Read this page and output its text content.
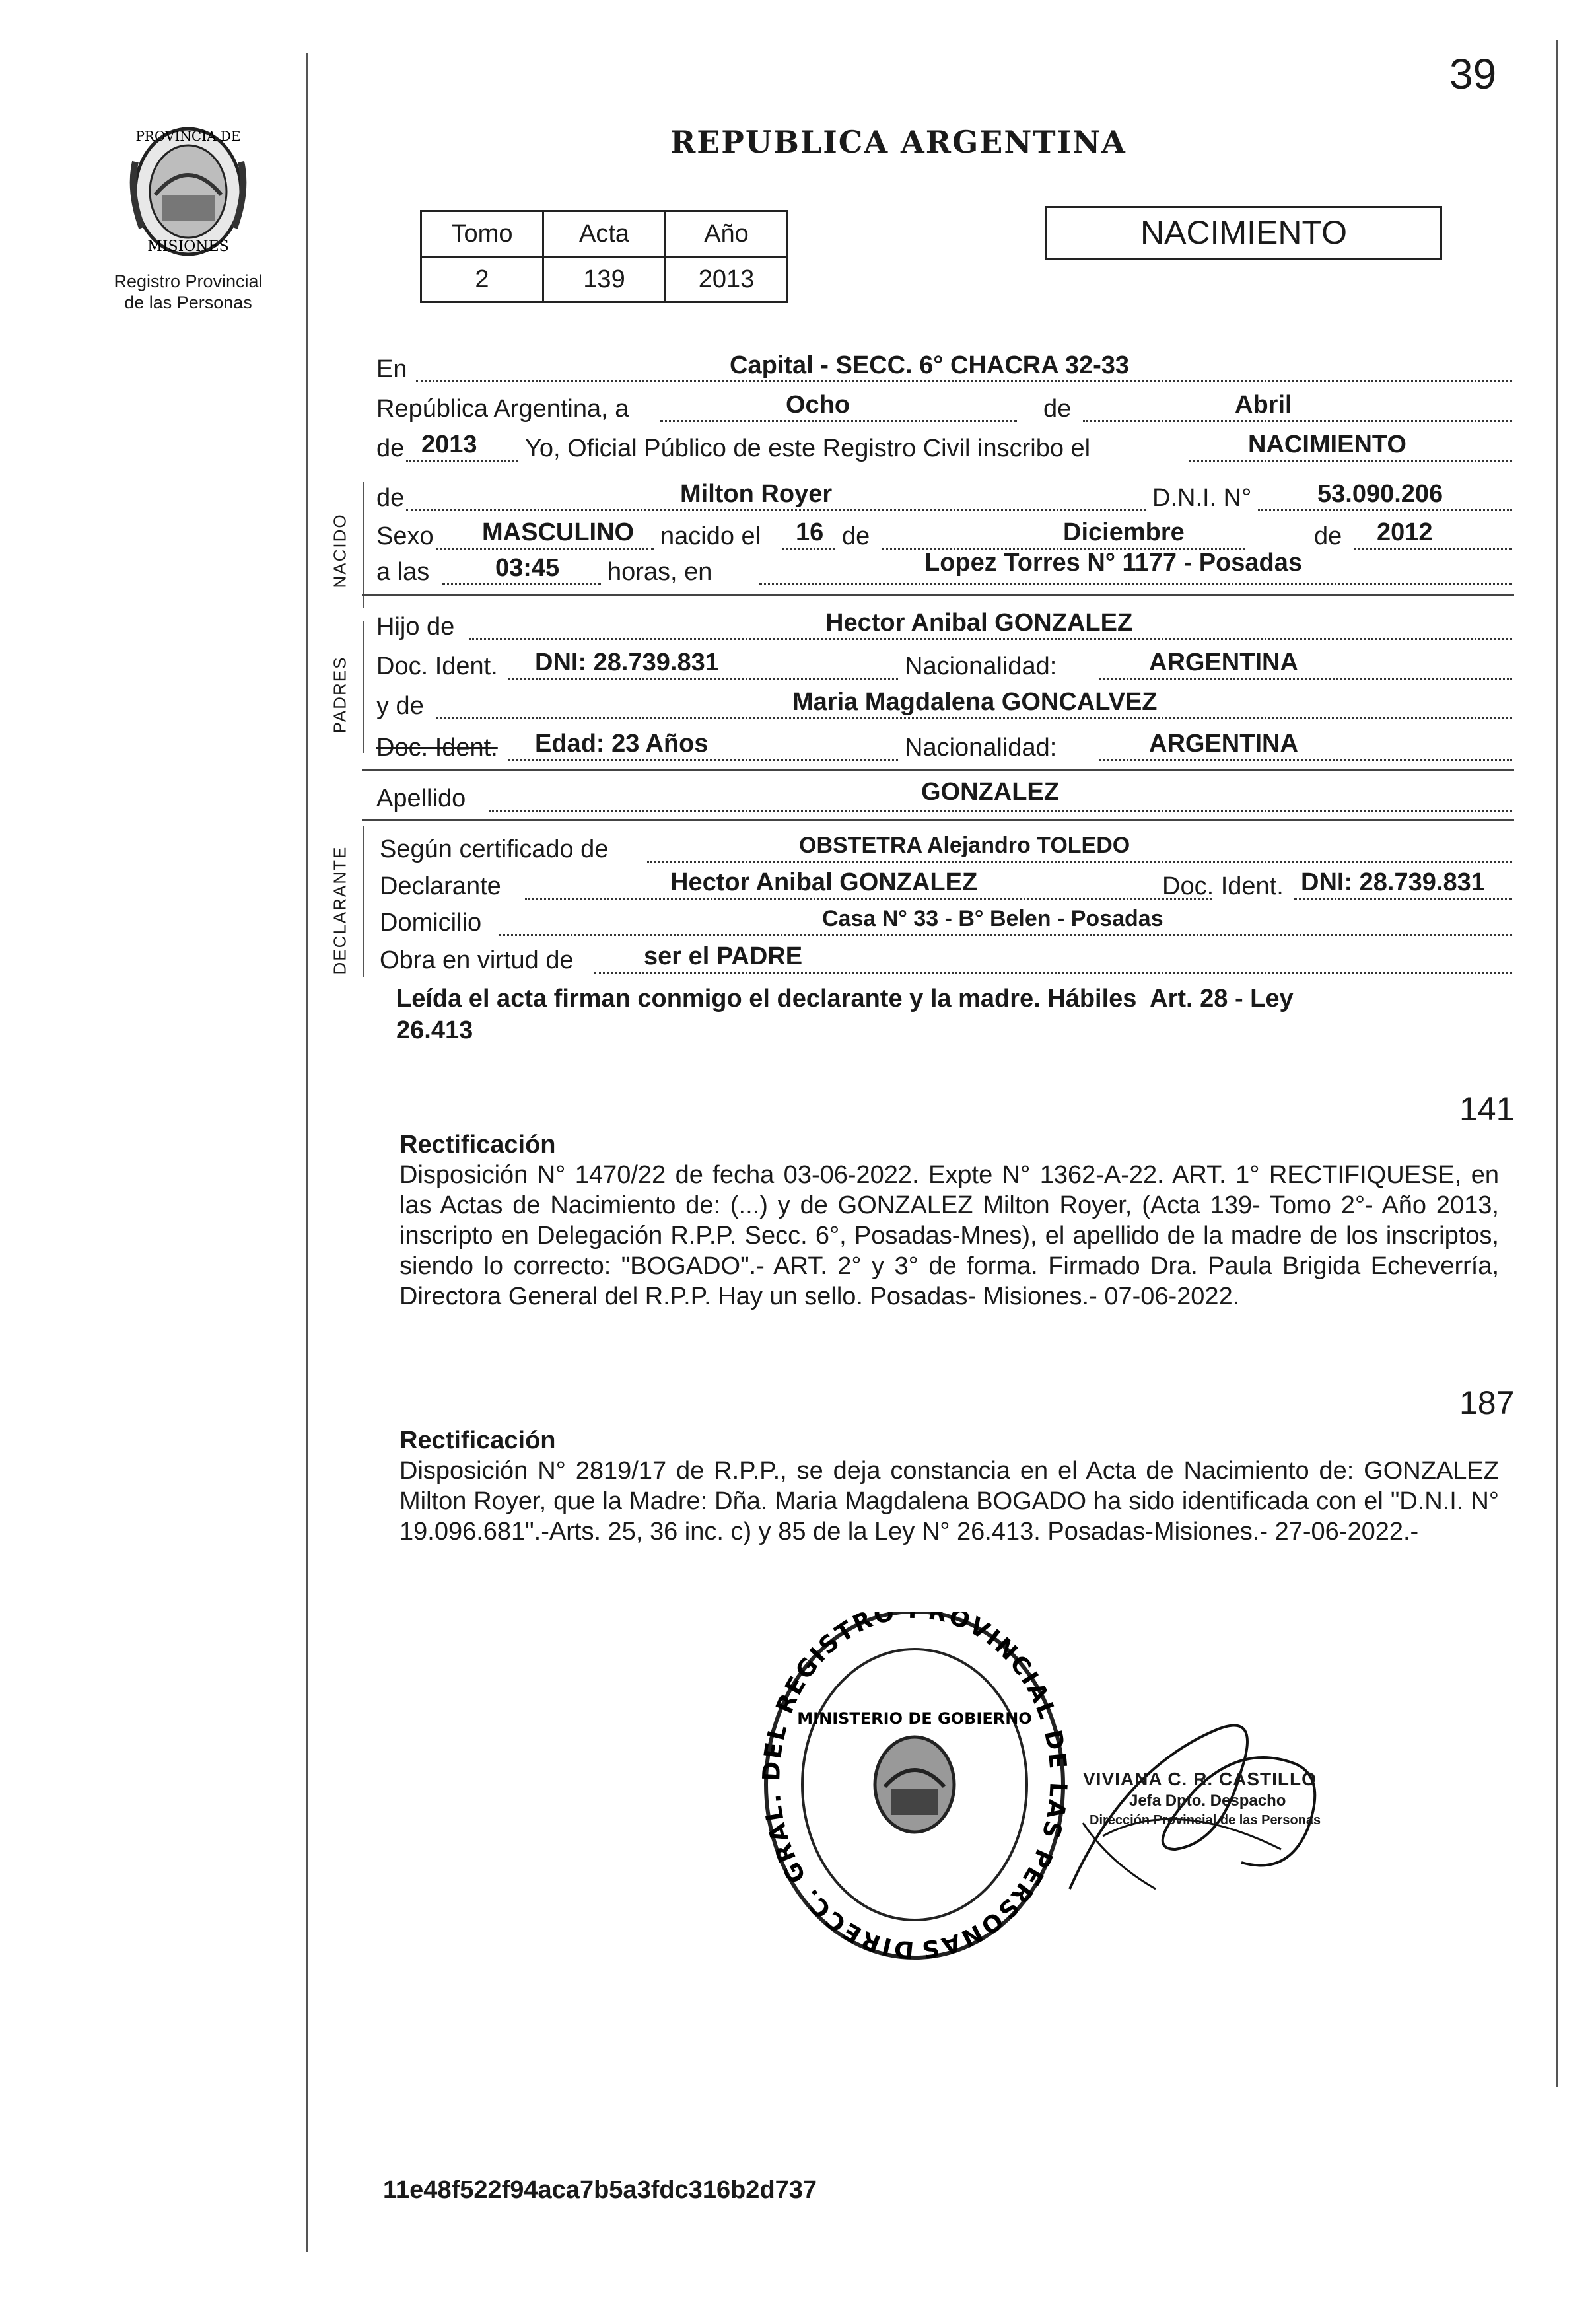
39
PROVINCIA DE
MISIONES
Registro Provincial
de las Personas
REPUBLICA ARGENTINA
Tomo	Acta	Año
2	139	2013
NACIMIENTO
NACIDO
PADRES
DECLARANTE
En	Capital - SECC. 6° CHACRA 32-33
República Argentina, a	Ocho	de	Abril
de 2013 Yo, Oficial Público de este Registro Civil inscribo el	NACIMIENTO
de	Milton Royer	D.N.I. N°	53.090.206
Sexo MASCULINO nacido el 16 de	Diciembre	de 2012
a las	03:45 horas, en	Lopez Torres N° 1177 - Posadas
Hijo de	Hector Anibal GONZALEZ
Doc. Ident. DNI: 28.739.831	Nacionalidad:	ARGENTINA
y de	Maria Magdalena GONCALVEZ
Doc. Ident. Edad: 23 Años	Nacionalidad:	ARGENTINA
Apellido	GONZALEZ
Según certificado de	OBSTETRA Alejandro TOLEDO
Declarante	Hector Anibal GONZALEZ	Doc. Ident. DNI: 28.739.831
Domicilio	Casa N° 33 - B° Belen - Posadas
Obra en virtud de	ser el PADRE
Leída el acta firman conmigo el declarante y la madre. Hábiles  Art. 28 - Ley
26.413
141
Rectificación
Disposición N° 1470/22 de fecha 03-06-2022. Expte N° 1362-A-22. ART. 1° RECTIFIQUESE, en las Actas de Nacimiento de: (...) y de GONZALEZ Milton Royer, (Acta 139- Tomo 2°- Año 2013, inscripto en Delegación R.P.P. Secc. 6°, Posadas-Mnes), el apellido de la madre de los inscriptos, siendo lo correcto: "BOGADO".- ART. 2° y 3° de forma. Firmado Dra. Paula Brigida Echeverría, Directora General del R.P.P. Hay un sello. Posadas- Misiones.- 07-06-2022.
187
Rectificación
Disposición N° 2819/17 de R.P.P., se deja constancia en el Acta de Nacimiento de: GONZALEZ Milton Royer, que la Madre: Dña. Maria Magdalena BOGADO ha sido identificada con el "D.N.I. N° 19.096.681".-Arts. 25, 36 inc. c) y 85 de la Ley N° 26.413. Posadas-Misiones.- 27-06-2022.-
DIRECC. GRAL. DEL REGISTRO ROVINCIAL DE LAS PERSONAS
MINISTERIO DE GOBIERNO
VIVIANA C. R. CASTILLO
Jefa Dpto. Despacho
Dirección Provincial de las Personas
11e48f522f94aca7b5a3fdc316b2d737
